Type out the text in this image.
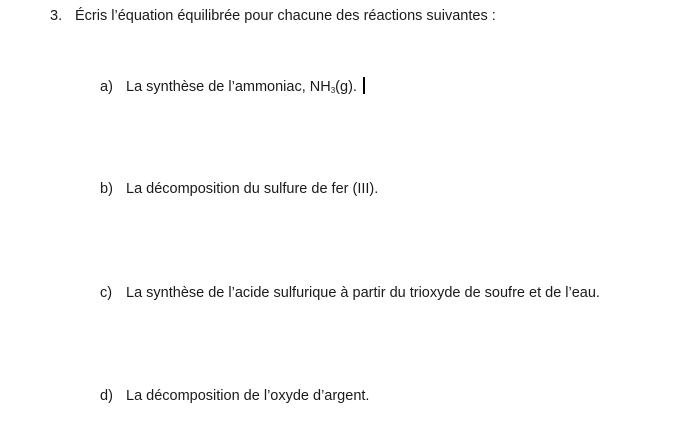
3. Écris l’équation équilibrée pour chacune des réactions suivantes :
a) La synthèse de l’ammoniac, $NH_3(g)$.
b) La décomposition du sulfure de fer (III).
c) La synthèse de l’acide sulfurique à partir du trioxyde de soufre et de l’eau.
d) La décomposition de l’oxyde d’argent.
